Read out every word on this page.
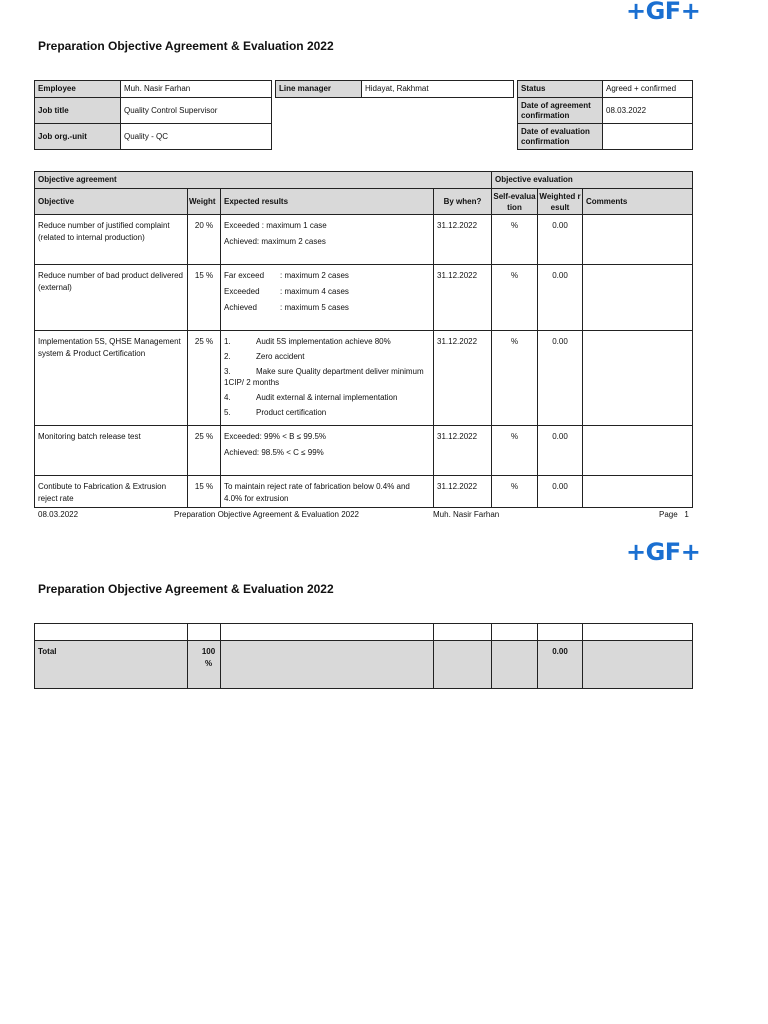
+GF+
Preparation Objective Agreement & Evaluation 2022
Employee	Muh. Nasir Farhan
Job title	Quality Control Supervisor
Job org.-unit	Quality - QC
Line manager	Hidayat, Rakhmat	Status	Agreed + confirmed
Date of agreement confirmation	08.03.2022
Date of evaluation confirmation	
Objective agreement				Objective evaluation		
Objective	Weight	Expected results	By when?	Self-evaluation	Weighted result	Comments
Reduce number of justified complaint (related to internal production)	20 %	Exceeded : maximum 1 case
Achieved: maximum 2 cases	31.12.2022	%	0.00	
Reduce number of bad product delivered (external)	15 %	Far exceed : maximum 2 cases
Exceeded : maximum 4 cases
Achieved : maximum 5 cases	31.12.2022	%	0.00	
Implementation 5S, QHSE Management system & Product Certification	25 %	1. Audit 5S implementation achieve 80%
2. Zero accident
3. Make sure Quality department deliver minimum 1CIP/ 2 months
4. Audit external & internal implementation
5. Product certification	31.12.2022	%	0.00	
Monitoring batch release test	25 %	Exceeded: 99% < B ≤ 99.5%
Achieved: 98.5% < C ≤ 99%	31.12.2022	%	0.00	
Contibute to Fabrication & Extrusion reject rate	15 %	To maintain reject rate of fabrication below 0.4% and 4.0% for extrusion	31.12.2022	%	0.00	
08.03.2022	Preparation Objective Agreement & Evaluation 2022	Muh. Nasir Farhan	Page 1
+GF+
Preparation Objective Agreement & Evaluation 2022

Total	100 %				0.00	
